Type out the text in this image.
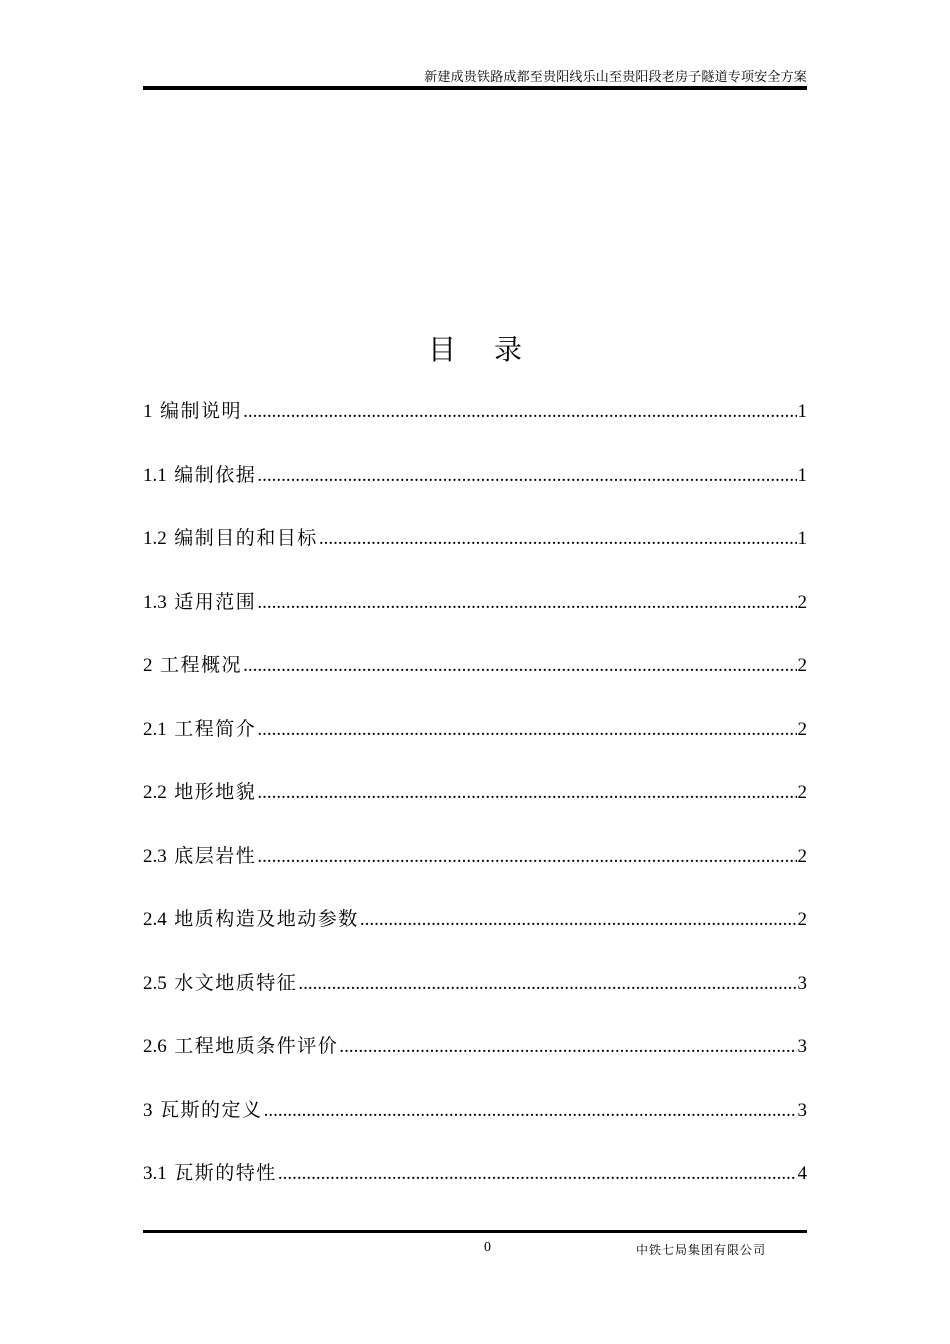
新建成贵铁路成都至贵阳线乐山至贵阳段老房子隧道专项安全方案
目录
1 编制说明 .....	1
1.1 编制依据 .....	1
1.2 编制目的和目标 .....	1
1.3 适用范围 .....	2
2 工程概况 .....	2
2.1 工程简介 .....	2
2.2 地形地貌 .....	2
2.3 底层岩性 .....	2
2.4 地质构造及地动参数 .....	2
2.5 水文地质特征 .....	3
2.6 工程地质条件评价 .....	3
3 瓦斯的定义 .....	3
3.1 瓦斯的特性 .....	4
0	中铁七局集团有限公司
